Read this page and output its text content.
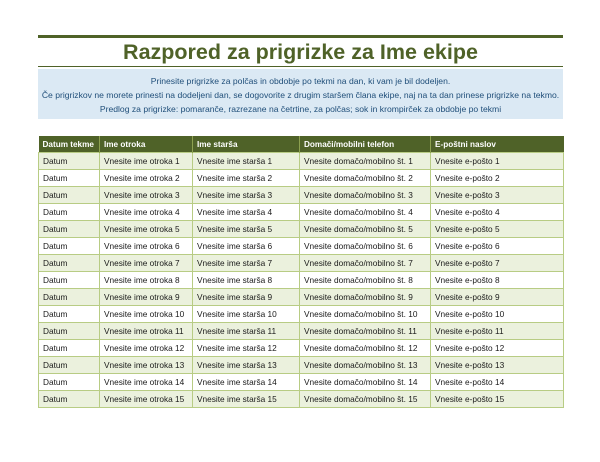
Razpored za prigrizke za Ime ekipe
Prinesite prigrizke za polčas in obdobje po tekmi na dan, ki vam je bil dodeljen.
Če prigrizkov ne morete prinesti na dodeljeni dan, se dogovorite z drugim staršem člana ekipe, naj na ta dan prinese prigrizke na tekmo.
Predlog za prigrizke: pomaranče, razrezane na četrtine, za polčas; sok in krompirček za obdobje po tekmi
Datum tekme	Ime otroka	Ime starša	Domači/mobilni telefon	E-poštni naslov
Datum	Vnesite ime otroka 1	Vnesite ime starša 1	Vnesite domačo/mobilno št. 1	Vnesite e-pošto 1
Datum	Vnesite ime otroka 2	Vnesite ime starša 2	Vnesite domačo/mobilno št. 2	Vnesite e-pošto 2
Datum	Vnesite ime otroka 3	Vnesite ime starša 3	Vnesite domačo/mobilno št. 3	Vnesite e-pošto 3
Datum	Vnesite ime otroka 4	Vnesite ime starša 4	Vnesite domačo/mobilno št. 4	Vnesite e-pošto 4
Datum	Vnesite ime otroka 5	Vnesite ime starša 5	Vnesite domačo/mobilno št. 5	Vnesite e-pošto 5
Datum	Vnesite ime otroka 6	Vnesite ime starša 6	Vnesite domačo/mobilno št. 6	Vnesite e-pošto 6
Datum	Vnesite ime otroka 7	Vnesite ime starša 7	Vnesite domačo/mobilno št. 7	Vnesite e-pošto 7
Datum	Vnesite ime otroka 8	Vnesite ime starša 8	Vnesite domačo/mobilno št. 8	Vnesite e-pošto 8
Datum	Vnesite ime otroka 9	Vnesite ime starša 9	Vnesite domačo/mobilno št. 9	Vnesite e-pošto 9
Datum	Vnesite ime otroka 10	Vnesite ime starša 10	Vnesite domačo/mobilno št. 10	Vnesite e-pošto 10
Datum	Vnesite ime otroka 11	Vnesite ime starša 11	Vnesite domačo/mobilno št. 11	Vnesite e-pošto 11
Datum	Vnesite ime otroka 12	Vnesite ime starša 12	Vnesite domačo/mobilno št. 12	Vnesite e-pošto 12
Datum	Vnesite ime otroka 13	Vnesite ime starša 13	Vnesite domačo/mobilno št. 13	Vnesite e-pošto 13
Datum	Vnesite ime otroka 14	Vnesite ime starša 14	Vnesite domačo/mobilno št. 14	Vnesite e-pošto 14
Datum	Vnesite ime otroka 15	Vnesite ime starša 15	Vnesite domačo/mobilno št. 15	Vnesite e-pošto 15
